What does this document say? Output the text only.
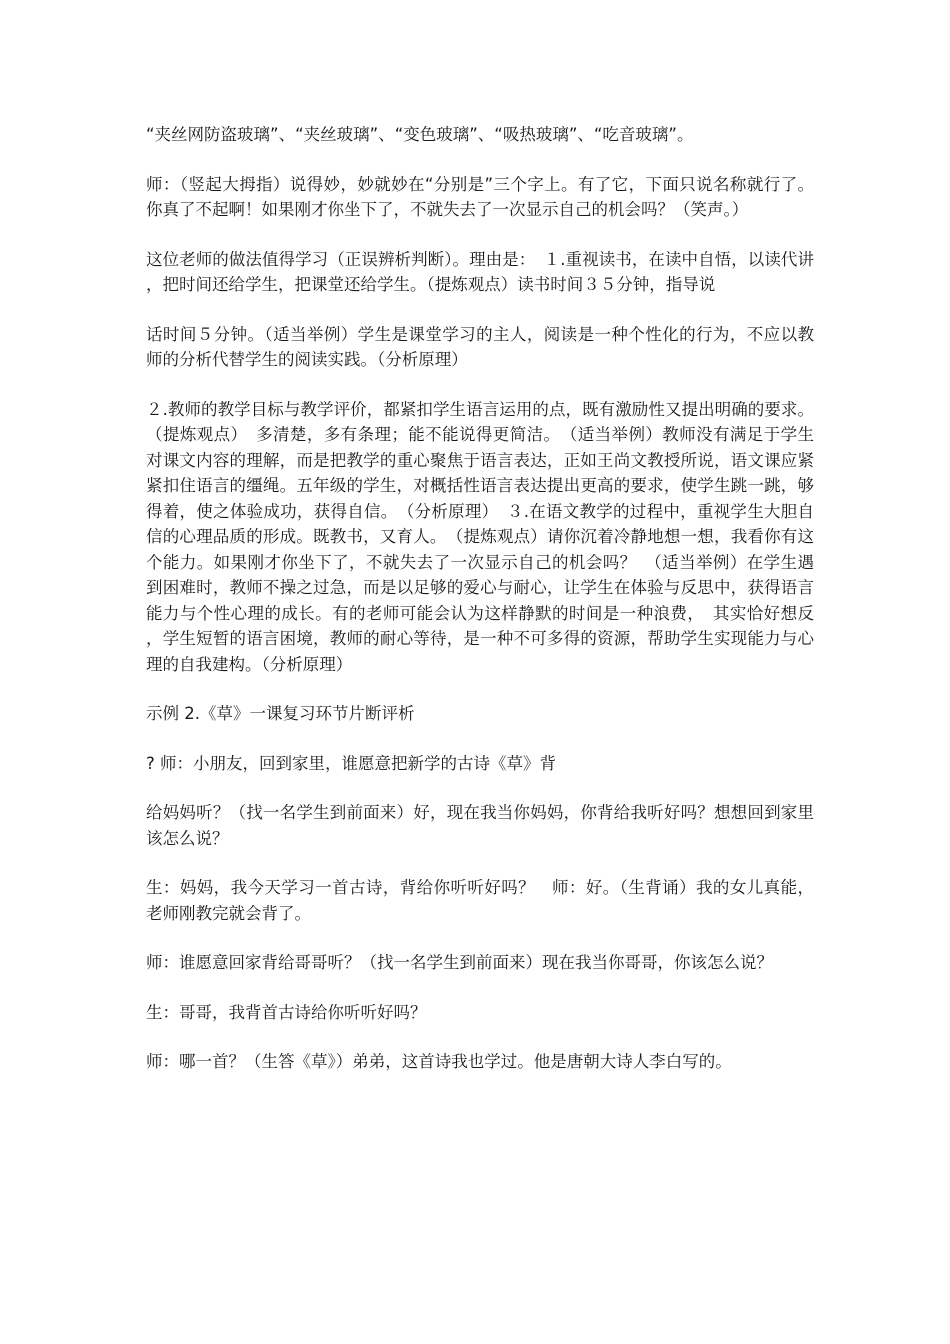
“夹丝网防盗玻璃”、“夹丝玻璃”、“变色玻璃”、“吸热玻璃”、“吃音玻璃”。

师：（竖起大拇指）说得妙，妙就妙在“分别是”三个字上。有了它，下面只说名称就行了。你真了不起啊！如果刚才你坐下了，不就失去了一次显示自己的机会吗？（笑声。）

这位老师的做法值得学习（正误辨析判断）。理由是：　１.重视读书，在读中自悟，以读代讲，把时间还给学生，把课堂还给学生。（提炼观点）读书时间３５分钟，指导说

话时间５分钟。（适当举例）学生是课堂学习的主人，阅读是一种个性化的行为，不应以教师的分析代替学生的阅读实践。（分析原理）

２.教师的教学目标与教学评价，都紧扣学生语言运用的点，既有激励性又提出明确的要求。（提炼观点）　多清楚，多有条理；能不能说得更简洁。　（适当举例）教师没有满足于学生对课文内容的理解，而是把教学的重心聚焦于语言表达，正如王尚文教授所说，语文课应紧紧扣住语言的缰绳。五年级的学生，对概括性语言表达提出更高的要求，使学生跳一跳，够得着，使之体验成功，获得自信。　（分析原理）　３.在语文教学的过程中，重视学生大胆自信的心理品质的形成。既教书，又育人。　（提炼观点）请你沉着冷静地想一想，我看你有这个能力。如果刚才你坐下了，不就失去了一次显示自己的机会吗？　（适当举例）在学生遇到困难时，教师不操之过急，而是以足够的爱心与耐心，让学生在体验与反思中，获得语言能力与个性心理的成长。有的老师可能会认为这样静默的时间是一种浪费，　其实恰好想反，学生短暂的语言困境，教师的耐心等待，是一种不可多得的资源，帮助学生实现能力与心理的自我建构。（分析原理）

示例 2.《草》一课复习环节片断评析

? 师：小朋友，回到家里，谁愿意把新学的古诗《草》背

给妈妈听？（找一名学生到前面来）好，现在我当你妈妈，你背给我听好吗？想想回到家里该怎么说？

生：妈妈，我今天学习一首古诗，背给你听听好吗？　师：好。（生背诵）我的女儿真能，老师刚教完就会背了。

师：谁愿意回家背给哥哥听？（找一名学生到前面来）现在我当你哥哥，你该怎么说？

生：哥哥，我背首古诗给你听听好吗？

师：哪一首？（生答《草》）弟弟，这首诗我也学过。他是唐朝大诗人李白写的。
